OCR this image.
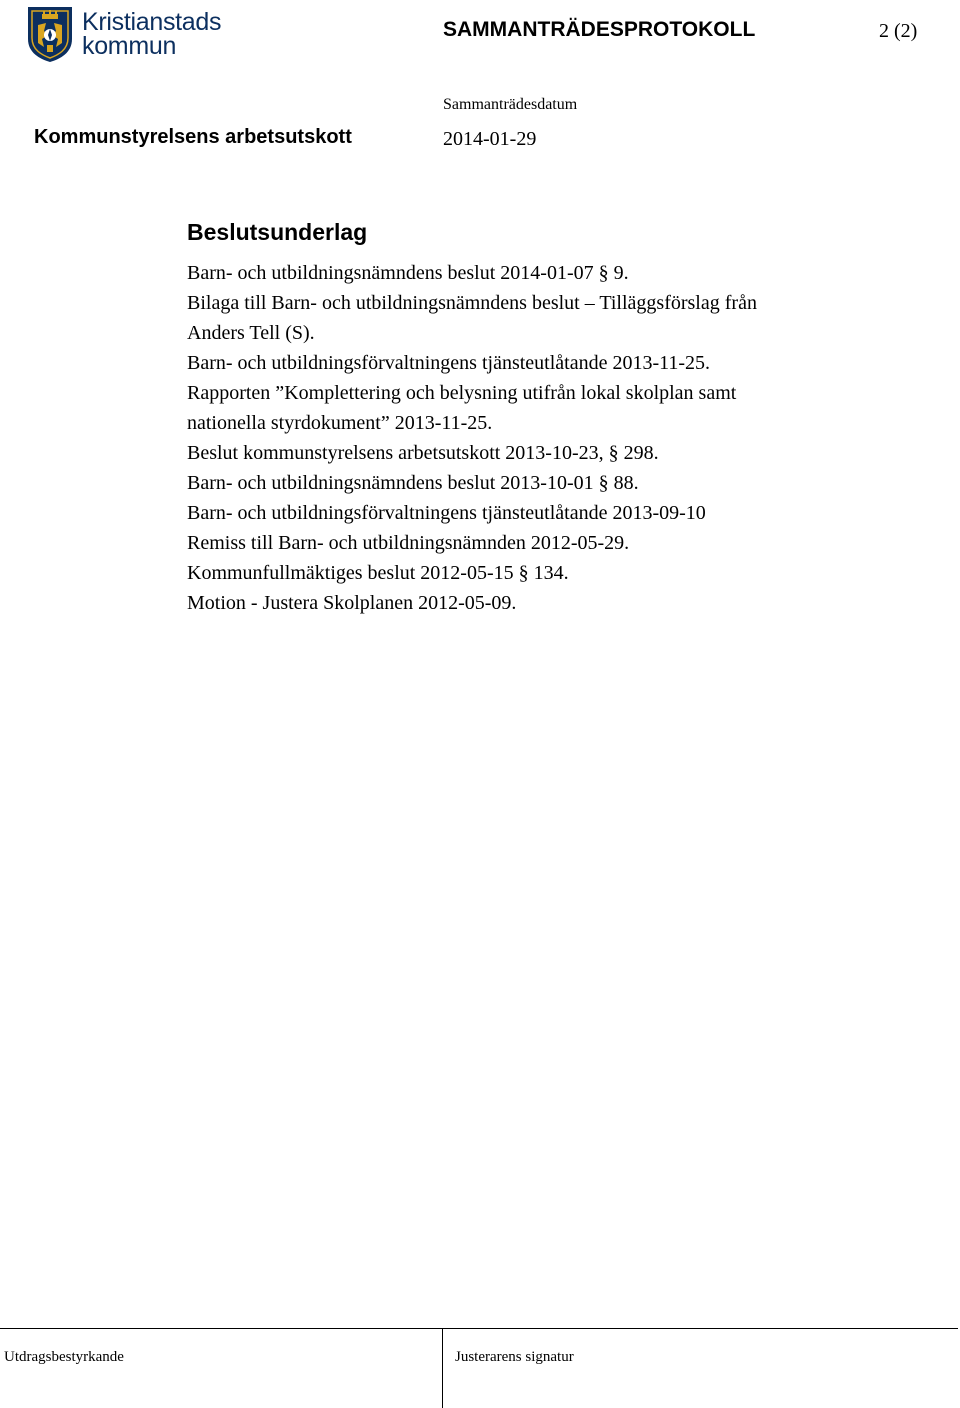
Kristianstads
kommun
SAMMANTRÄDESPROTOKOLL	2 (2)
Sammanträdesdatum
Kommunstyrelsens arbetsutskott	2014-01-29
Beslutsunderlag
Barn- och utbildningsnämndens beslut 2014-01-07 § 9.
Bilaga till Barn- och utbildningsnämndens beslut – Tilläggsförslag från
Anders Tell (S).
Barn- och utbildningsförvaltningens tjänsteutlåtande 2013-11-25.
Rapporten ”Komplettering och belysning utifrån lokal skolplan samt
nationella styrdokument” 2013-11-25.
Beslut kommunstyrelsens arbetsutskott 2013-10-23, § 298.
Barn- och utbildningsnämndens beslut 2013-10-01 § 88.
Barn- och utbildningsförvaltningens tjänsteutlåtande 2013-09-10
Remiss till Barn- och utbildningsnämnden 2012-05-29.
Kommunfullmäktiges beslut 2012-05-15 § 134.
Motion - Justera Skolplanen 2012-05-09.
Utdragsbestyrkande	Justerarens signatur
